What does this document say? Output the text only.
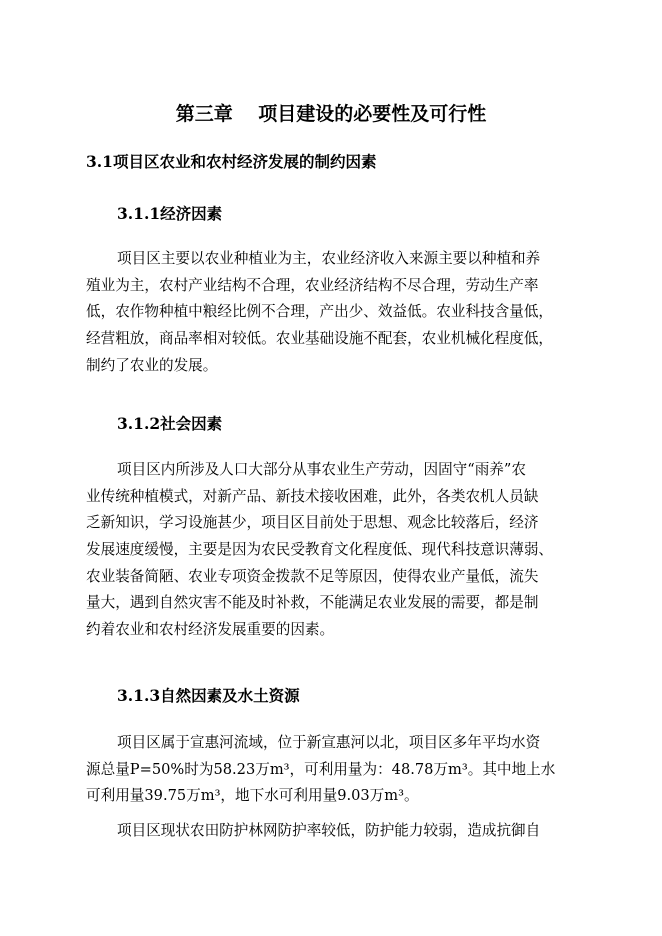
第三章　 项目建设的必要性及可行性
3.1项目区农业和农村经济发展的制约因素
3.1.1经济因素
项目区主要以农业种植业为主，农业经济收入来源主要以种植和养
殖业为主，农村产业结构不合理，农业经济结构不尽合理，劳动生产率
低，农作物种植中粮经比例不合理，产出少、效益低。农业科技含量低，
经营粗放，商品率相对较低。农业基础设施不配套，农业机械化程度低，
制约了农业的发展。
3.1.2社会因素
项目区内所涉及人口大部分从事农业生产劳动，因固守“雨养”农
业传统种植模式，对新产品、新技术接收困难，此外，各类农机人员缺
乏新知识，学习设施甚少，项目区目前处于思想、观念比较落后，经济
发展速度缓慢，主要是因为农民受教育文化程度低、现代科技意识薄弱、
农业装备简陋、农业专项资金拨款不足等原因，使得农业产量低，流失
量大，遇到自然灾害不能及时补救，不能满足农业发展的需要，都是制
约着农业和农村经济发展重要的因素。
3.1.3自然因素及水土资源
项目区属于宣惠河流域，位于新宣惠河以北，项目区多年平均水资
源总量P=50%时为58.23万m³，可利用量为：48.78万m³。其中地上水
可利用量39.75万m³，地下水可利用量9.03万m³。
项目区现状农田防护林网防护率较低，防护能力较弱，造成抗御自
